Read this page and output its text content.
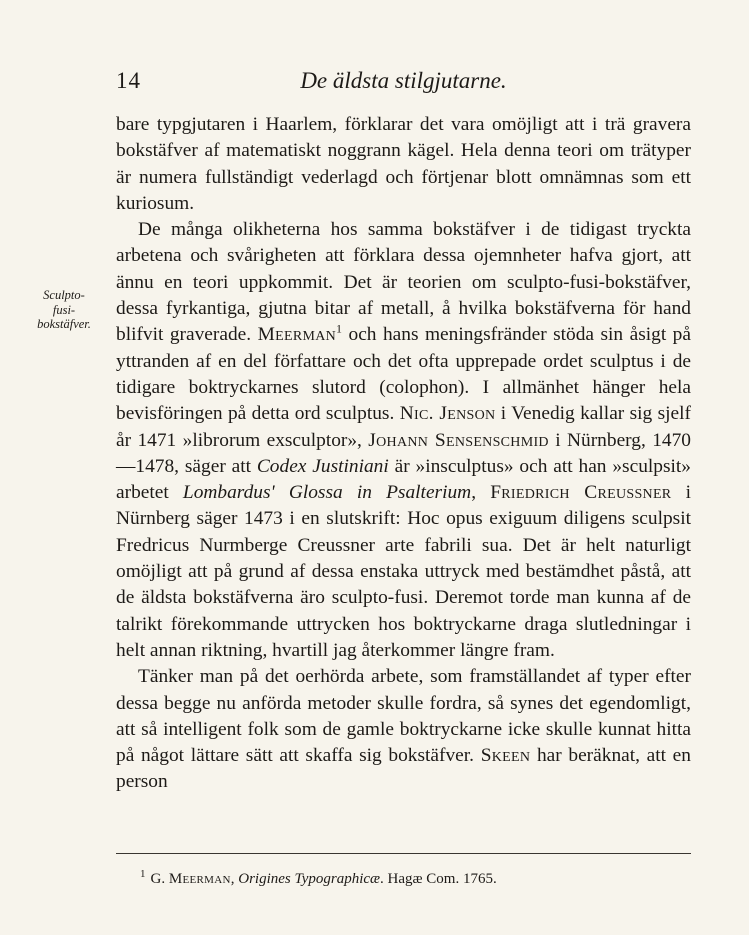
14	De äldsta stilgjutarne.
Sculpto-
fusi-
bokstäfver.

bare typgjutaren i Haarlem, förklarar det vara omöjligt att i trä gravera bokstäfver af matematiskt noggrann kägel. Hela denna teori om trätyper är numera fullständigt vederlagd och förtjenar blott omnämnas som ett kuriosum.

De många olikheterna hos samma bokstäfver i de tidigast tryckta arbetena och svårigheten att förklara dessa ojemnheter hafva gjort, att ännu en teori uppkommit. Det är teorien om sculpto-fusi-bokstäfver, dessa fyrkantiga, gjutna bitar af metall, å hvilka bokstäfverna för hand blifvit graverade. Meerman$^1$ och hans meningsfränder stöda sin åsigt på yttranden af en del författare och det ofta upprepade ordet sculptus i de tidigare boktryckarnes slutord (colophon). I allmänhet hänger hela bevisföringen på detta ord sculptus. Nic. Jenson i Venedig kallar sig sjelf år 1471 »librorum exsculptor», Johann Sensenschmid i Nürnberg, 1470—1478, säger att Codex Justiniani är »insculptus» och att han »sculpsit» arbetet Lombardus' Glossa in Psalterium, Friedrich Creussner i Nürnberg säger 1473 i en slutskrift: Hoc opus exiguum diligens sculpsit Fredricus Nurmberge Creussner arte fabrili sua. Det är helt naturligt omöjligt att på grund af dessa enstaka uttryck med bestämdhet påstå, att de äldsta bokstäfverna äro sculpto-fusi. Deremot torde man kunna af de talrikt förekommande uttrycken hos boktryckarne draga slutledningar i helt annan riktning, hvartill jag återkommer längre fram.

Tänker man på det oerhörda arbete, som framställandet af typer efter dessa begge nu anförda metoder skulle fordra, så synes det egendomligt, att så intelligent folk som de gamle boktryckarne icke skulle kunnat hitta på något lättare sätt att skaffa sig bokstäfver. Skeen har beräknat, att en person

$^1$ G. Meerman, Origines Typographicæ. Hagæ Com. 1765.
